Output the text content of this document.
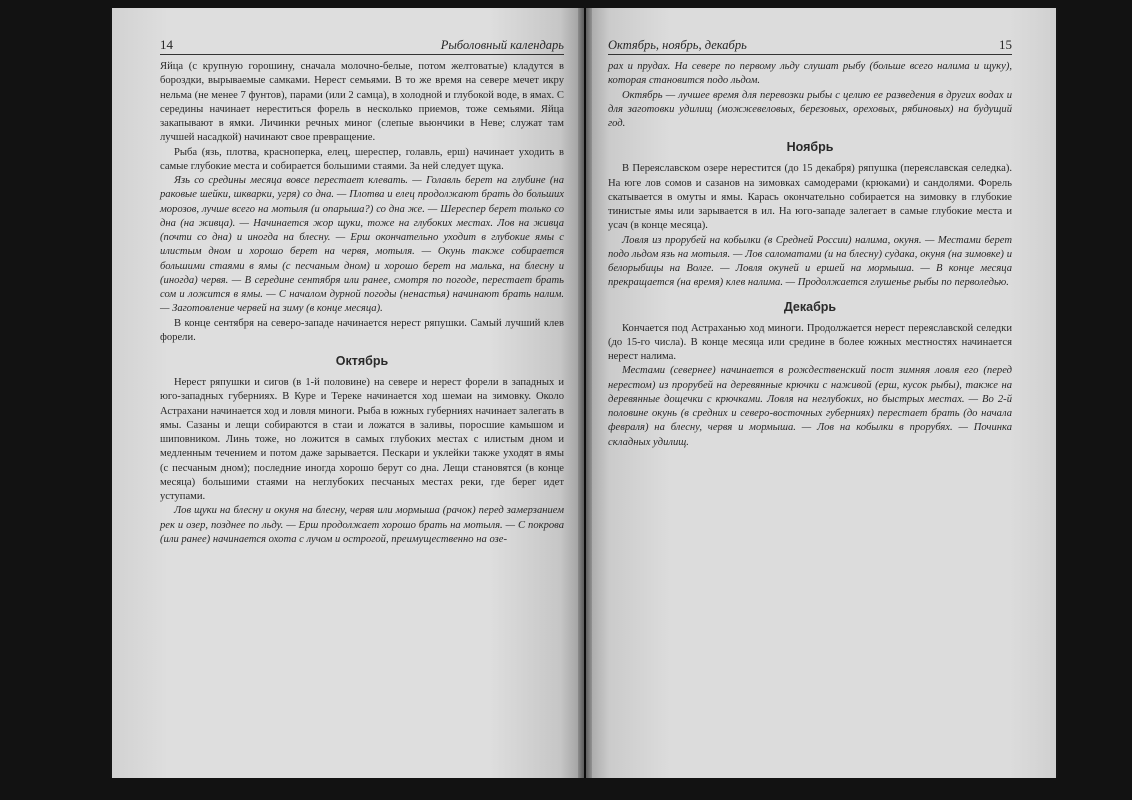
14	Рыболовный календарь

Яйца (с крупную горошину, сначала молочно-белые, потом желтоватые) кладутся в бороздки, вырываемые самками. Нерест семьями. В то же время на севере мечет икру нельма (не менее 7 фунтов), парами (или 2 самца), в холодной и глубокой воде, в ямах. С середины начинает нереститься форель в несколько приемов, тоже семьями. Яйца закапывают в ямки. Личинки речных миног (слепые вьюнчики в Неве; служат там лучшей насадкой) начинают свое превращение.

Рыба (язь, плотва, красноперка, елец, шереспер, голавль, ерш) начинает уходить в самые глубокие места и собирается большими стаями. За ней следует щука.

Язь со средины месяца вовсе перестает клевать. — Голавль берет на глубине (на раковые шейки, шкварки, угря) со дна. — Плотва и елец продолжают брать до больших морозов, лучше всего на мотыля (и опарыша?) со дна же. — Шереспер берет только со дна (на живца). — Начинается жор щуки, тоже на глубоких местах. Лов на живца (почти со дна) и иногда на блесну. — Ерш окончательно уходит в глубокие ямы с илистым дном и хорошо берет на червя, мотыля. — Окунь также собирается большими стаями в ямы (с песчаным дном) и хорошо берет на малька, на блесну и (иногда) червя. — В середине сентября или ранее, смотря по погоде, перестает брать сом и ложится в ямы. — С началом дурной погоды (ненастья) начинают брать налим. — Заготовление червей на зиму (в конце месяца).

В конце сентября на северо-западе начинается нерест ряпушки. Самый лучший клев форели.

Октябрь

Нерест ряпушки и сигов (в 1-й половине) на севере и нерест форели в западных и юго-западных губерниях. В Куре и Тереке начинается ход шемаи на зимовку. Около Астрахани начинается ход и ловля миноги. Рыба в южных губерниях начинает залегать в ямы. Сазаны и лещи собираются в стаи и ложатся в заливы, поросшие камышом и шиповником. Линь тоже, но ложится в самых глубоких местах с илистым дном и медленным течением и потом даже зарывается. Пескари и уклейки также уходят в ямы (с песчаным дном); последние иногда хорошо берут со дна. Лещи становятся (в конце месяца) большими стаями на неглубоких песчаных местах реки, где берег идет уступами.

Лов щуки на блесну и окуня на блесну, червя или мормыша (рачок) перед замерзанием рек и озер, позднее по льду. — Ерш продолжает хорошо брать на мотыля. — С покрова (или ранее) начинается охота с лучом и острогой, преимущественно на озе-

Октябрь, ноябрь, декабрь	15

рах и прудах. На севере по первому льду слушат рыбу (больше всего налима и щуку), которая становится подо льдом.

Октябрь — лучшее время для перевозки рыбы с целию ее разведения в других водах и для заготовки удилищ (можжевеловых, березовых, ореховых, рябиновых) на будущий год.

Ноябрь

В Переяславском озере нерестится (до 15 декабря) ряпушка (переяславская селедка). На юге лов сомов и сазанов на зимовках самодерами (крюками) и сандолями. Форель скатывается в омуты и ямы. Карась окончательно собирается на зимовку в глубокие тинистые ямы или зарывается в ил. На юго-западе залегает в самые глубокие места и усач (в конце месяца).

Ловля из прорубей на кобылки (в Средней России) налима, окуня. — Местами берет подо льдом язь на мотыля. — Лов саломатами (и на блесну) судака, окуня (на зимовке) и белорыбицы на Волге. — Ловля окуней и ершей на мормыша. — В конце месяца прекращается (на время) клев налима. — Продолжается глушенье рыбы по перволедью.

Декабрь

Кончается под Астраханью ход миноги. Продолжается нерест переяславской селедки (до 15-го числа). В конце месяца или средине в более южных местностях начинается нерест налима.

Местами (севернее) начинается в рождественский пост зимняя ловля его (перед нерестом) из прорубей на деревянные крючки с наживой (ерш, кусок рыбы), также на деревянные дощечки с крючками. Ловля на неглубоких, но быстрых местах. — Во 2-й половине окунь (в средних и северо-восточных губерниях) перестает брать (до начала февраля) на блесну, червя и мормыша. — Лов на кобылки в прорубях. — Починка складных удилищ.
